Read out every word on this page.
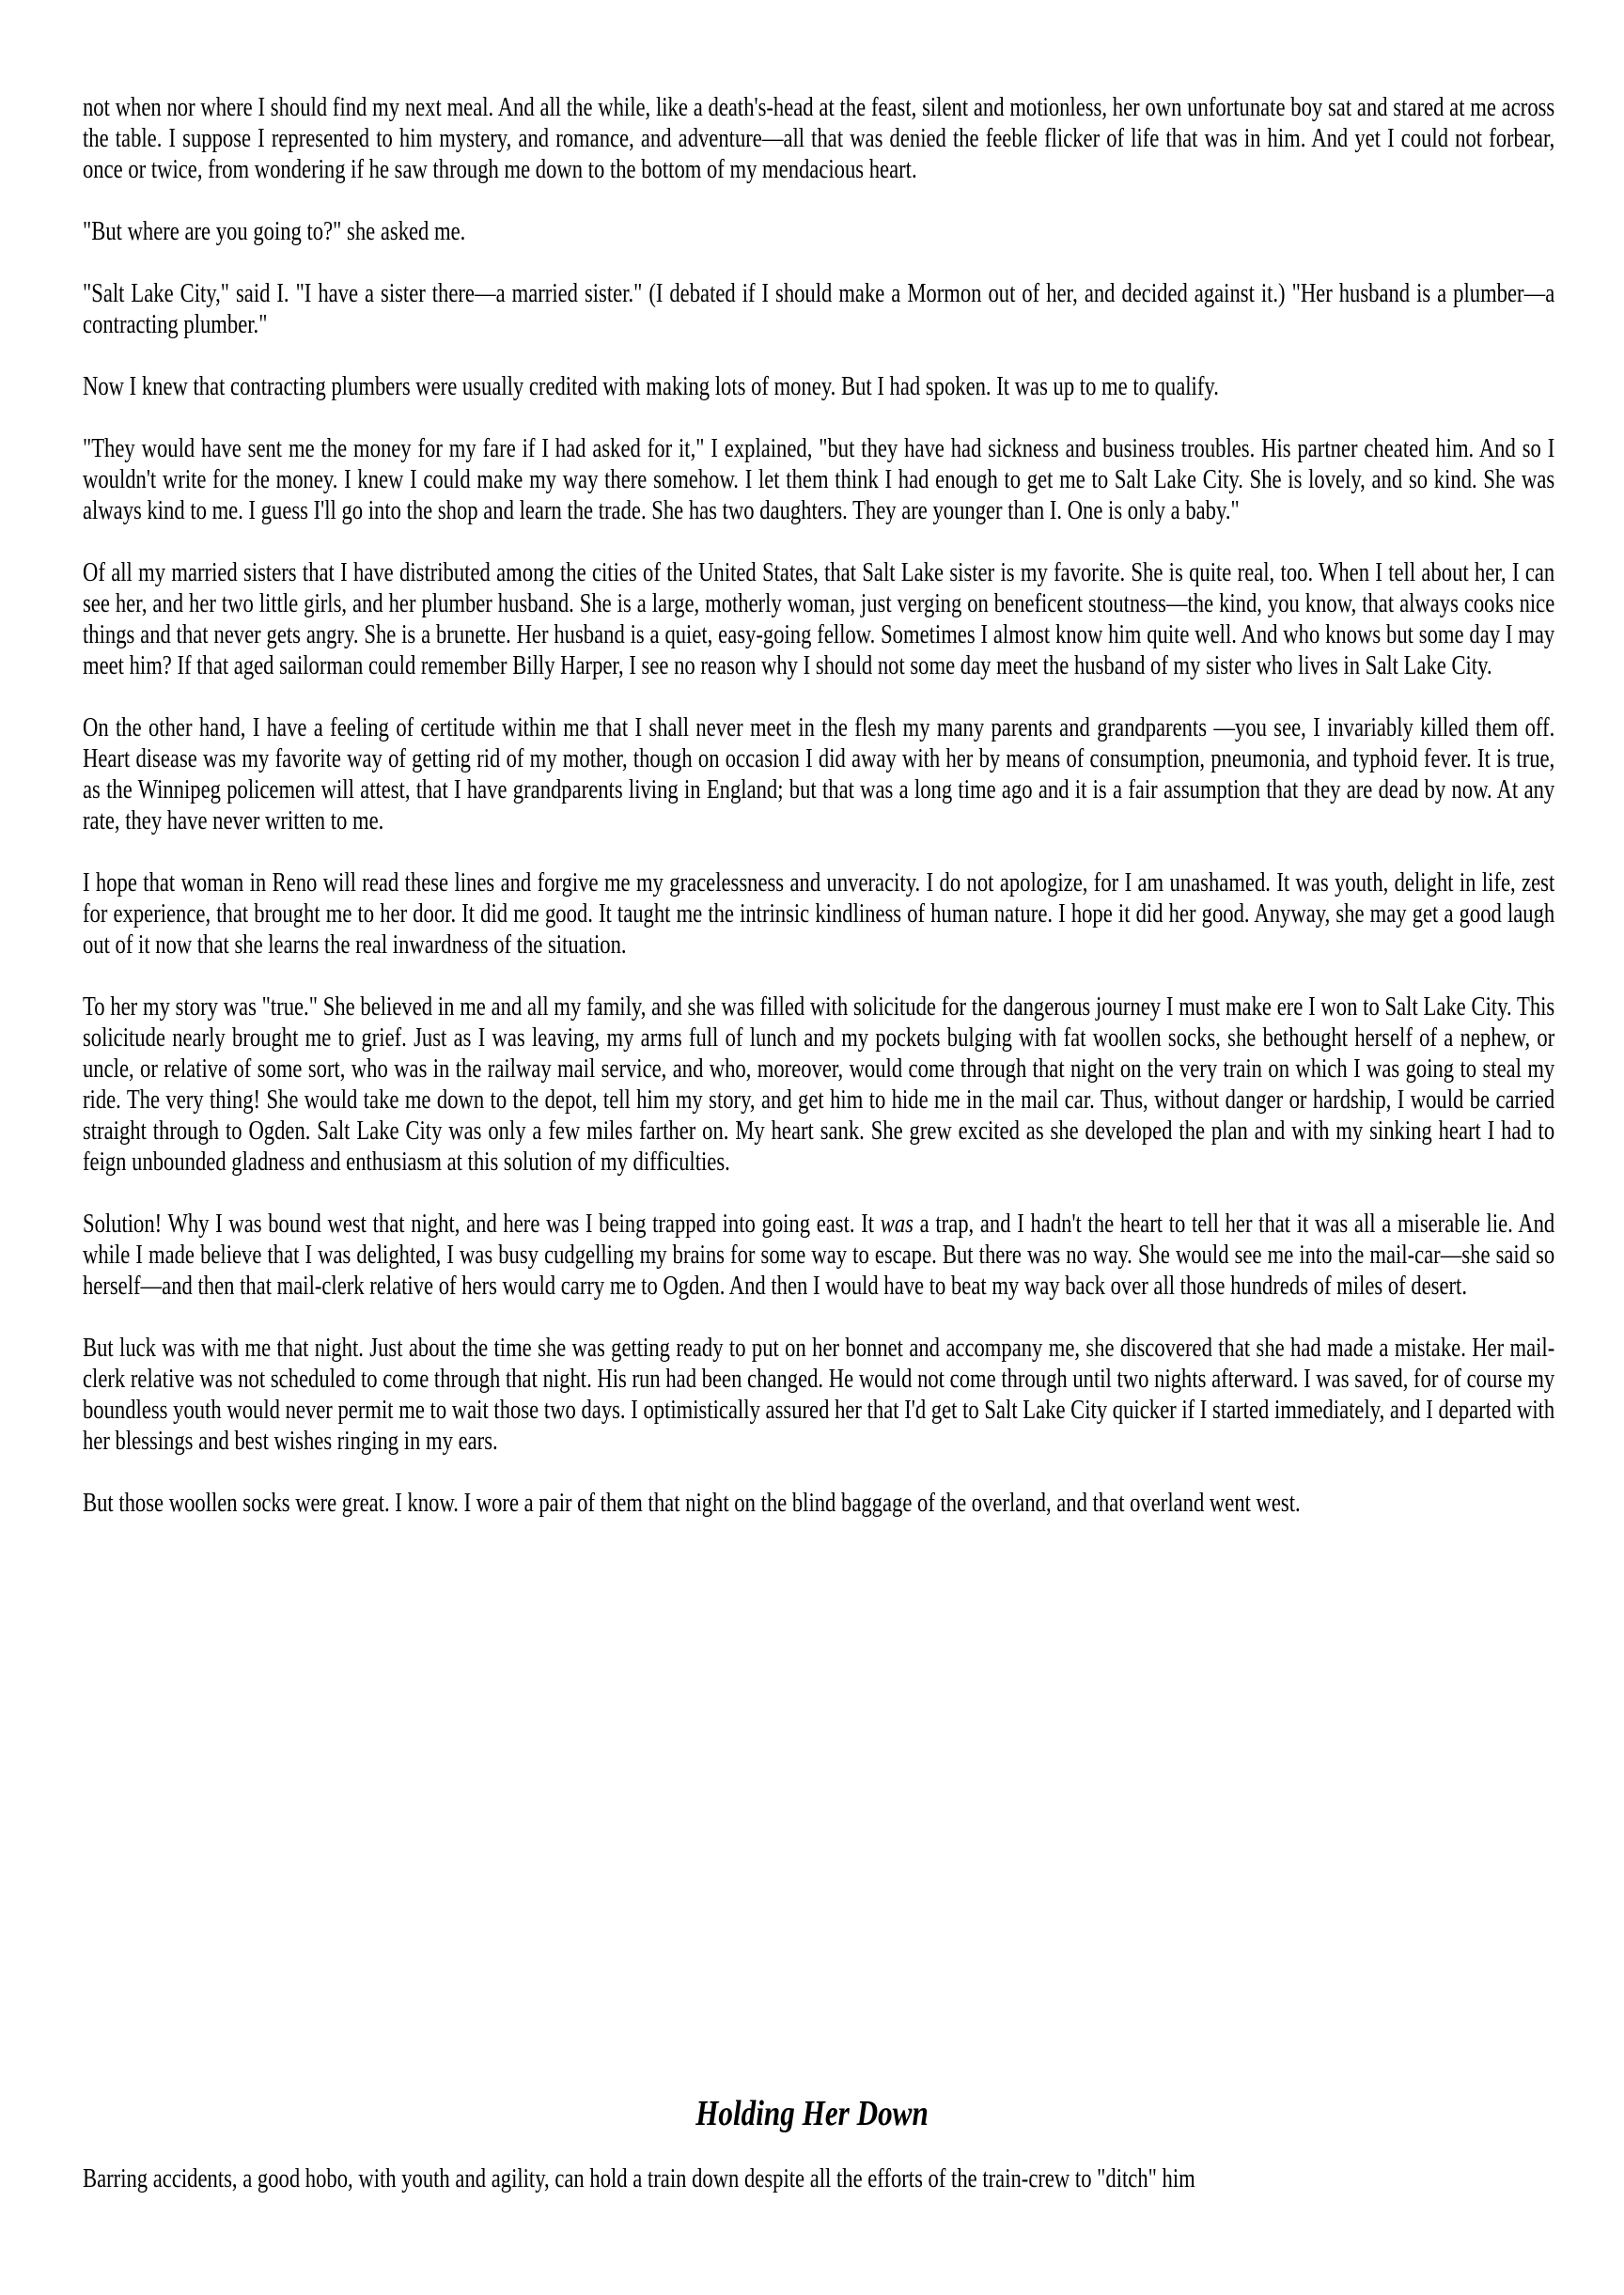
not when nor where I should find my next meal. And all the while, like a death's-head at the feast, silent and motionless, her own unfortunate boy sat and stared at me across the table. I suppose I represented to him mystery, and romance, and adventure—all that was denied the feeble flicker of life that was in him. And yet I could not forbear, once or twice, from wondering if he saw through me down to the bottom of my mendacious heart.

"But where are you going to?" she asked me.

"Salt Lake City," said I. "I have a sister there—a married sister." (I debated if I should make a Mormon out of her, and decided against it.) "Her husband is a plumber—a contracting plumber."

Now I knew that contracting plumbers were usually credited with making lots of money. But I had spoken. It was up to me to qualify.

"They would have sent me the money for my fare if I had asked for it," I explained, "but they have had sickness and business troubles. His partner cheated him. And so I wouldn't write for the money. I knew I could make my way there somehow. I let them think I had enough to get me to Salt Lake City. She is lovely, and so kind. She was always kind to me. I guess I'll go into the shop and learn the trade. She has two daughters. They are younger than I. One is only a baby."

Of all my married sisters that I have distributed among the cities of the United States, that Salt Lake sister is my favorite. She is quite real, too. When I tell about her, I can see her, and her two little girls, and her plumber husband. She is a large, motherly woman, just verging on beneficent stoutness—the kind, you know, that always cooks nice things and that never gets angry. She is a brunette. Her husband is a quiet, easy-going fellow. Sometimes I almost know him quite well. And who knows but some day I may meet him? If that aged sailorman could remember Billy Harper, I see no reason why I should not some day meet the husband of my sister who lives in Salt Lake City.

On the other hand, I have a feeling of certitude within me that I shall never meet in the flesh my many parents and grandparents —you see, I invariably killed them off. Heart disease was my favorite way of getting rid of my mother, though on occasion I did away with her by means of consumption, pneumonia, and typhoid fever. It is true, as the Winnipeg policemen will attest, that I have grandparents living in England; but that was a long time ago and it is a fair assumption that they are dead by now. At any rate, they have never written to me.

I hope that woman in Reno will read these lines and forgive me my gracelessness and unveracity. I do not apologize, for I am unashamed. It was youth, delight in life, zest for experience, that brought me to her door. It did me good. It taught me the intrinsic kindliness of human nature. I hope it did her good. Anyway, she may get a good laugh out of it now that she learns the real inwardness of the situation.

To her my story was "true." She believed in me and all my family, and she was filled with solicitude for the dangerous journey I must make ere I won to Salt Lake City. This solicitude nearly brought me to grief. Just as I was leaving, my arms full of lunch and my pockets bulging with fat woollen socks, she bethought herself of a nephew, or uncle, or relative of some sort, who was in the railway mail service, and who, moreover, would come through that night on the very train on which I was going to steal my ride. The very thing! She would take me down to the depot, tell him my story, and get him to hide me in the mail car. Thus, without danger or hardship, I would be carried straight through to Ogden. Salt Lake City was only a few miles farther on. My heart sank. She grew excited as she developed the plan and with my sinking heart I had to feign unbounded gladness and enthusiasm at this solution of my difficulties.

Solution! Why I was bound west that night, and here was I being trapped into going east. It was a trap, and I hadn't the heart to tell her that it was all a miserable lie. And while I made believe that I was delighted, I was busy cudgelling my brains for some way to escape. But there was no way. She would see me into the mail-car—she said so herself—and then that mail-clerk relative of hers would carry me to Ogden. And then I would have to beat my way back over all those hundreds of miles of desert.

But luck was with me that night. Just about the time she was getting ready to put on her bonnet and accompany me, she discovered that she had made a mistake. Her mail-clerk relative was not scheduled to come through that night. His run had been changed. He would not come through until two nights afterward. I was saved, for of course my boundless youth would never permit me to wait those two days. I optimistically assured her that I'd get to Salt Lake City quicker if I started immediately, and I departed with her blessings and best wishes ringing in my ears.

But those woollen socks were great. I know. I wore a pair of them that night on the blind baggage of the overland, and that overland went west.

Holding Her Down
Barring accidents, a good hobo, with youth and agility, can hold a train down despite all the efforts of the train-crew to "ditch" him
